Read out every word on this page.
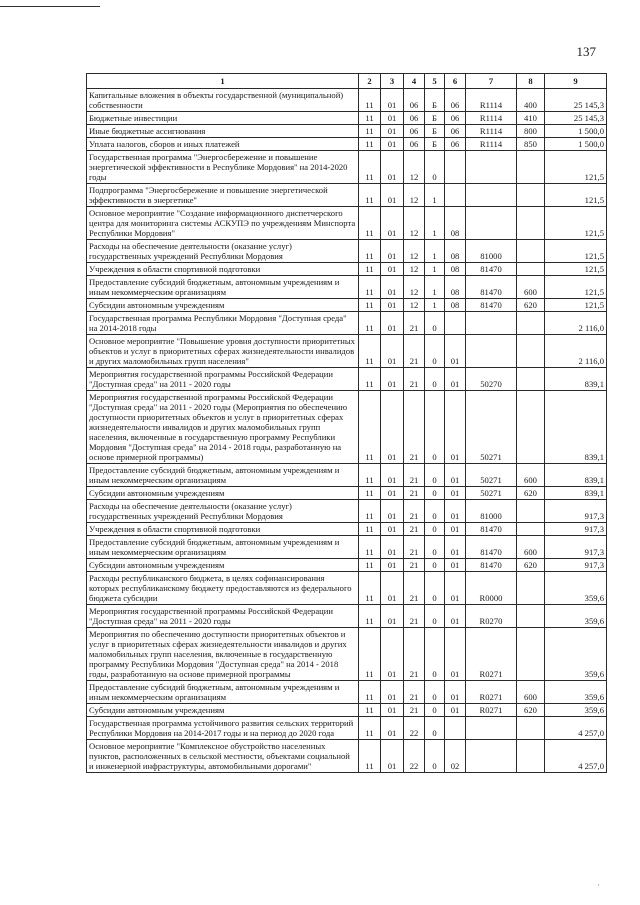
137
1	2	3	4	5	6	7	8	9
Капитальные вложения в объекты государственной (муниципальной) собственности	11	01	06	Б	06	R1114	400	25 145,3
Бюджетные инвестиции	11	01	06	Б	06	R1114	410	25 145,3
Иные бюджетные ассигнования	11	01	06	Б	06	R1114	800	1 500,0
Уплата налогов, сборов и иных платежей	11	01	06	Б	06	R1114	850	1 500,0
Государственная программа "Энергосбережение и повышение энергетической эффективности в Республике Мордовия" на 2014-2020 годы	11	01	12	0				121,5
Подпрограмма "Энергосбережение и повышение энергетической эффективности в энергетике"	11	01	12	1				121,5
Основное мероприятие "Создание информационного диспетчерского центра для мониторинга системы АСКУПЭ по учреждениям Минспорта Республики Мордовия"	11	01	12	1	08			121,5
Расходы на обеспечение деятельности (оказание услуг) государственных учреждений Республики Мордовия	11	01	12	1	08	81000		121,5
Учреждения в области спортивной подготовки	11	01	12	1	08	81470		121,5
Предоставление субсидий бюджетным, автономным учреждениям и иным некоммерческим организациям	11	01	12	1	08	81470	600	121,5
Субсидии автономным учреждениям	11	01	12	1	08	81470	620	121,5
Государственная программа Республики Мордовия "Доступная среда" на 2014-2018 годы	11	01	21	0				2 116,0
Основное мероприятие "Повышение уровня доступности приоритетных объектов и услуг в приоритетных сферах жизнедеятельности инвалидов и других маломобильных групп населения"	11	01	21	0	01			2 116,0
Мероприятия государственной программы Российской Федерации "Доступная среда" на 2011 - 2020 годы	11	01	21	0	01	50270		839,1
Мероприятия государственной программы Российской Федерации "Доступная среда" на 2011 - 2020 годы (Мероприятия по обеспечению доступности приоритетных объектов и услуг в приоритетных сферах жизнедеятельности инвалидов и других маломобильных групп населения, включенные в государственную программу Республики Мордовия "Доступная среда" на 2014 - 2018 годы, разработанную на основе примерной программы)	11	01	21	0	01	50271		839,1
Предоставление субсидий бюджетным, автономным учреждениям и иным некоммерческим организациям	11	01	21	0	01	50271	600	839,1
Субсидии автономным учреждениям	11	01	21	0	01	50271	620	839,1
Расходы на обеспечение деятельности (оказание услуг) государственных учреждений Республики Мордовия	11	01	21	0	01	81000		917,3
Учреждения в области спортивной подготовки	11	01	21	0	01	81470		917,3
Предоставление субсидий бюджетным, автономным учреждениям и иным некоммерческим организациям	11	01	21	0	01	81470	600	917,3
Субсидии автономным учреждениям	11	01	21	0	01	81470	620	917,3
Расходы республиканского бюджета, в целях софинансирования которых республиканскому бюджету предоставляются из федерального бюджета субсидии	11	01	21	0	01	R0000		359,6
Мероприятия государственной программы Российской Федерации "Доступная среда" на 2011 - 2020 годы	11	01	21	0	01	R0270		359,6
Мероприятия по обеспечению доступности приоритетных объектов и услуг в приоритетных сферах жизнедеятельности инвалидов и других маломобильных групп населения, включенные в государственную программу Республики Мордовия "Доступная среда" на 2014 - 2018 годы, разработанную на основе примерной программы	11	01	21	0	01	R0271		359,6
Предоставление субсидий бюджетным, автономным учреждениям и иным некоммерческим организациям	11	01	21	0	01	R0271	600	359,6
Субсидии автономным учреждениям	11	01	21	0	01	R0271	620	359,6
Государственная программа устойчивого развития сельских территорий Республики Мордовия на 2014-2017 годы и на период до 2020 года	11	01	22	0				4 257,0
Основное мероприятие "Комплексное обустройство населенных пунктов, расположенных в сельской местности, объектами социальной и инженерной инфраструктуры, автомобильными дорогами"	11	01	22	0	02			4 257,0
·
